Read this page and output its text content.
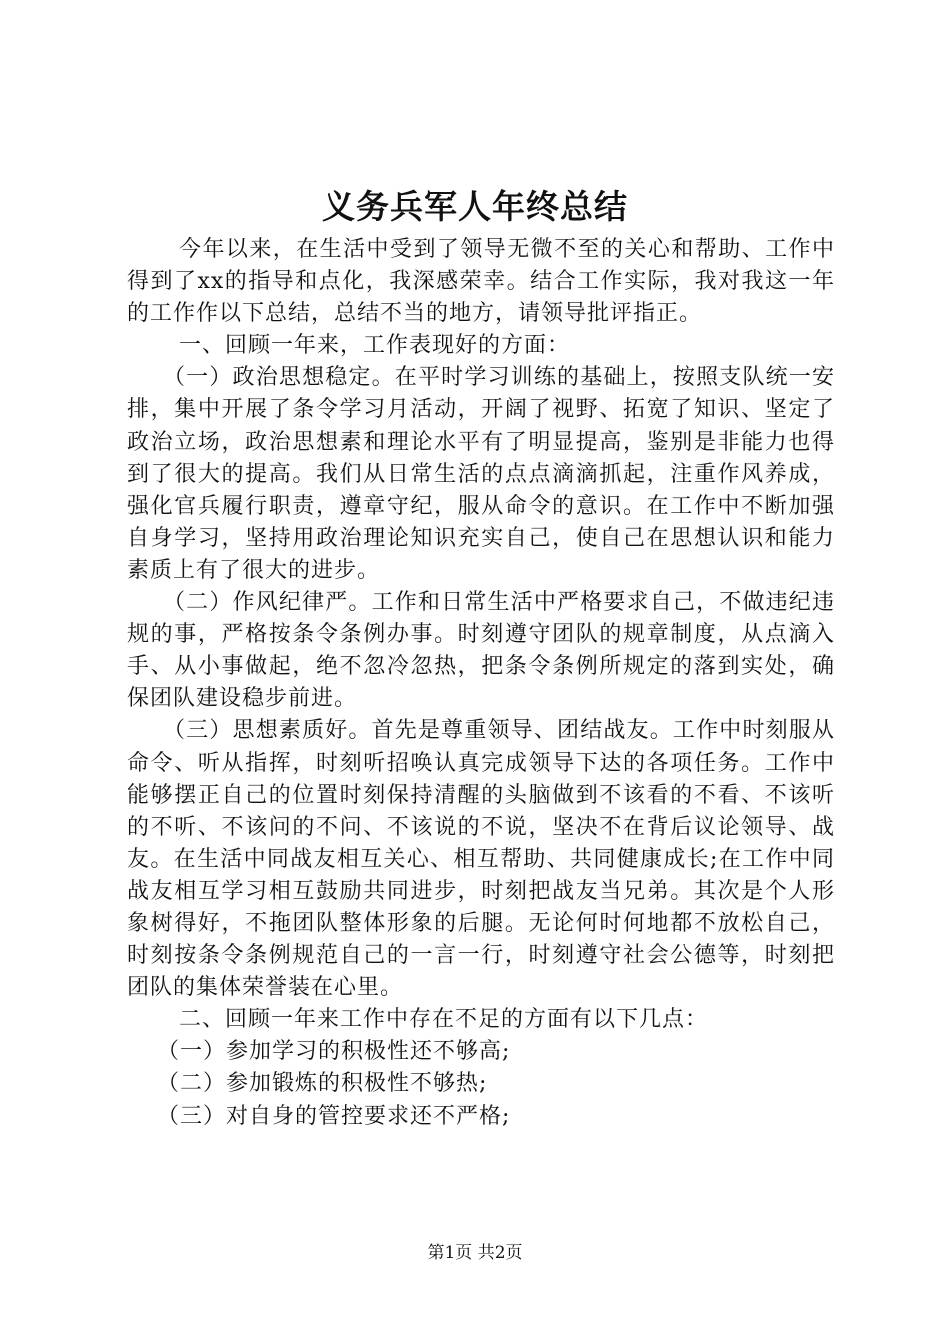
义务兵军人年终总结

今年以来，在生活中受到了领导无微不至的关心和帮助、工作中得到了xx的指导和点化，我深感荣幸。结合工作实际，我对我这一年的工作作以下总结，总结不当的地方，请领导批评指正。

一、回顾一年来，工作表现好的方面：

（一）政治思想稳定。在平时学习训练的基础上，按照支队统一安排，集中开展了条令学习月活动，开阔了视野、拓宽了知识、坚定了政治立场，政治思想素和理论水平有了明显提高，鉴别是非能力也得到了很大的提高。我们从日常生活的点点滴滴抓起，注重作风养成，强化官兵履行职责，遵章守纪，服从命令的意识。在工作中不断加强自身学习，坚持用政治理论知识充实自己，使自己在思想认识和能力素质上有了很大的进步。

（二）作风纪律严。工作和日常生活中严格要求自己，不做违纪违规的事，严格按条令条例办事。时刻遵守团队的规章制度，从点滴入手、从小事做起，绝不忽冷忽热，把条令条例所规定的落到实处，确保团队建设稳步前进。

（三）思想素质好。首先是尊重领导、团结战友。工作中时刻服从命令、听从指挥，时刻听招唤认真完成领导下达的各项任务。工作中能够摆正自己的位置时刻保持清醒的头脑做到不该看的不看、不该听的不听、不该问的不问、不该说的不说，坚决不在背后议论领导、战友。在生活中同战友相互关心、相互帮助、共同健康成长;在工作中同战友相互学习相互鼓励共同进步，时刻把战友当兄弟。其次是个人形象树得好，不拖团队整体形象的后腿。无论何时何地都不放松自己，时刻按条令条例规范自己的一言一行，时刻遵守社会公德等，时刻把团队的集体荣誉装在心里。

二、回顾一年来工作中存在不足的方面有以下几点：

（一）参加学习的积极性还不够高;

（二）参加锻炼的积极性不够热;

（三）对自身的管控要求还不严格;

第1页 共2页
